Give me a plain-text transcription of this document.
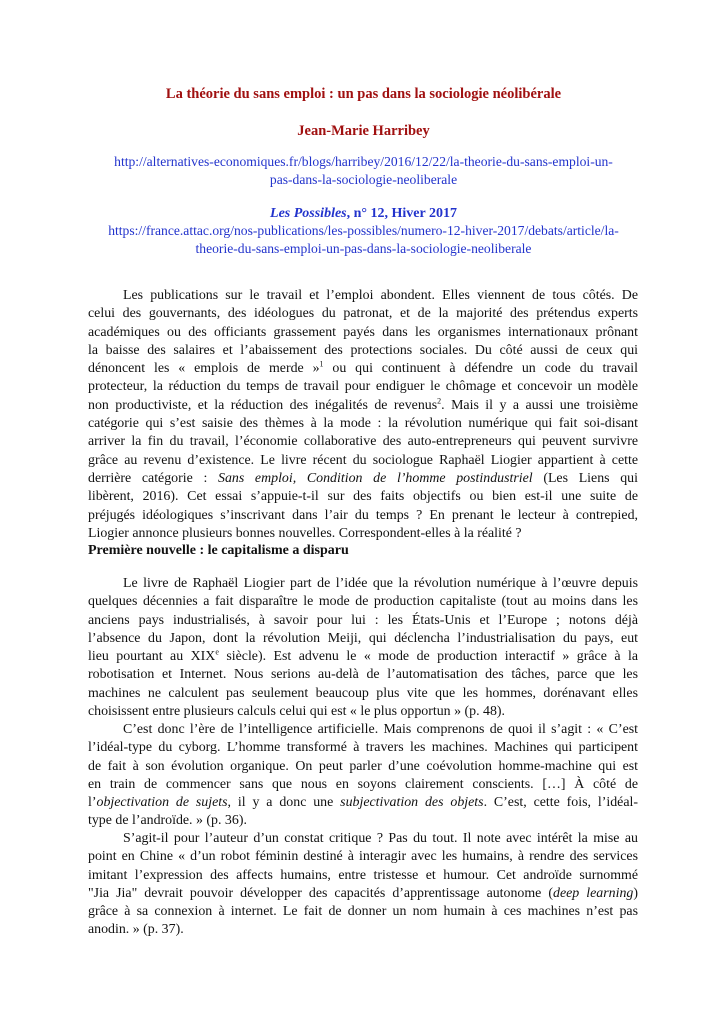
La théorie du sans emploi : un pas dans la sociologie néolibérale
Jean-Marie Harribey
http://alternatives-economiques.fr/blogs/harribey/2016/12/22/la-theorie-du-sans-emploi-un-
pas-dans-la-sociologie-neoliberale
Les Possibles, n° 12, Hiver 2017
https://france.attac.org/nos-publications/les-possibles/numero-12-hiver-2017/debats/article/la-
theorie-du-sans-emploi-un-pas-dans-la-sociologie-neoliberale
Les publications sur le travail et l’emploi abondent. Elles viennent de tous côtés. De
celui des gouvernants, des idéologues du patronat, et de la majorité des prétendus experts
académiques ou des officiants grassement payés dans les organismes internationaux prônant
la baisse des salaires et l’abaissement des protections sociales. Du côté aussi de ceux qui
dénoncent les « emplois de merde »$^1$ ou qui continuent à défendre un code du travail
protecteur, la réduction du temps de travail pour endiguer le chômage et concevoir un modèle
non productiviste, et la réduction des inégalités de revenus$^2$. Mais il y a aussi une troisième
catégorie qui s’est saisie des thèmes à la mode : la révolution numérique qui fait soi-disant
arriver la fin du travail, l’économie collaborative des auto-entrepreneurs qui peuvent survivre
grâce au revenu d’existence. Le livre récent du sociologue Raphaël Liogier appartient à cette
derrière catégorie : Sans emploi, Condition de l’homme postindustriel (Les Liens qui
libèrent, 2016). Cet essai s’appuie-t-il sur des faits objectifs ou bien est-il une suite de
préjugés idéologiques s’inscrivant dans l’air du temps ? En prenant le lecteur à contrepied,
Liogier annonce plusieurs bonnes nouvelles. Correspondent-elles à la réalité ?
Première nouvelle : le capitalisme a disparu
Le livre de Raphaël Liogier part de l’idée que la révolution numérique à l’œuvre depuis
quelques décennies a fait disparaître le mode de production capitaliste (tout au moins dans les
anciens pays industrialisés, à savoir pour lui : les États-Unis et l’Europe ; notons déjà
l’absence du Japon, dont la révolution Meiji, qui déclencha l’industrialisation du pays, eut
lieu pourtant au XIXe siècle). Est advenu le « mode de production interactif » grâce à la
robotisation et Internet. Nous serions au-delà de l’automatisation des tâches, parce que les
machines ne calculent pas seulement beaucoup plus vite que les hommes, dorénavant elles
choisissent entre plusieurs calculs celui qui est « le plus opportun » (p. 48).
C’est donc l’ère de l’intelligence artificielle. Mais comprenons de quoi il s’agit : « C’est
l’idéal-type du cyborg. L’homme transformé à travers les machines. Machines qui participent
de fait à son évolution organique. On peut parler d’une coévolution homme-machine qui est
en train de commencer sans que nous en soyons clairement conscients. […] À côté de
l’objectivation de sujets, il y a donc une subjectivation des objets. C’est, cette fois, l’idéal-
type de l’androïde. » (p. 36).
S’agit-il pour l’auteur d’un constat critique ? Pas du tout. Il note avec intérêt la mise au
point en Chine « d’un robot féminin destiné à interagir avec les humains, à rendre des services
imitant l’expression des affects humains, entre tristesse et humour. Cet androïde surnommé
"Jia Jia" devrait pouvoir développer des capacités d’apprentissage autonome (deep learning)
grâce à sa connexion à internet. Le fait de donner un nom humain à ces machines n’est pas
anodin. » (p. 37).
